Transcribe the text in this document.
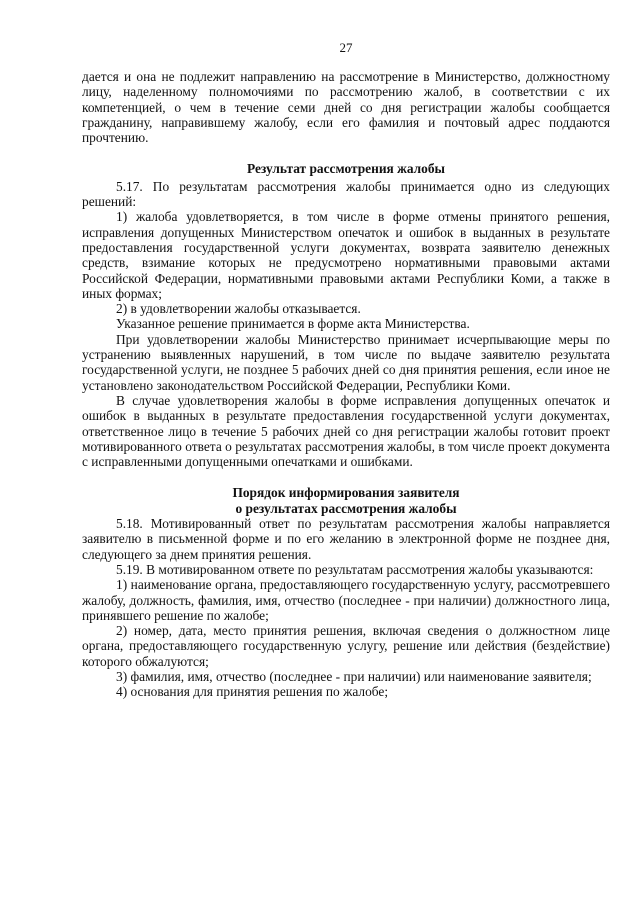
27

дается и она не подлежит направлению на рассмотрение в Министерство, должностному лицу, наделенному полномочиями по рассмотрению жалоб, в соответствии с их компетенцией, о чем в течение семи дней со дня регистрации жалобы сообщается гражданину, направившему жалобу, если его фамилия и почтовый адрес поддаются прочтению.

Результат рассмотрения жалобы

5.17. По результатам рассмотрения жалобы принимается одно из следующих решений:

1) жалоба удовлетворяется, в том числе в форме отмены принятого решения, исправления допущенных Министерством опечаток и ошибок в выданных в результате предоставления государственной услуги документах, возврата заявителю денежных средств, взимание которых не предусмотрено нормативными правовыми актами Российской Федерации, нормативными правовыми актами Республики Коми, а также в иных формах;

2) в удовлетворении жалобы отказывается.

Указанное решение принимается в форме акта Министерства.

При удовлетворении жалобы Министерство принимает исчерпывающие меры по устранению выявленных нарушений, в том числе по выдаче заявителю результата государственной услуги, не позднее 5 рабочих дней со дня принятия решения, если иное не установлено законодательством Российской Федерации, Республики Коми.

В случае удовлетворения жалобы в форме исправления допущенных опечаток и ошибок в выданных в результате предоставления государственной услуги документах, ответственное лицо в течение 5 рабочих дней со дня регистрации жалобы готовит проект мотивированного ответа о результатах рассмотрения жалобы, в том числе проект документа с исправленными допущенными опечатками и ошибками.

Порядок информирования заявителя
о результатах рассмотрения жалобы

5.18. Мотивированный ответ по результатам рассмотрения жалобы направляется заявителю в письменной форме и по его желанию в электронной форме не позднее дня, следующего за днем принятия решения.

5.19. В мотивированном ответе по результатам рассмотрения жалобы указываются:

1) наименование органа, предоставляющего государственную услугу, рассмотревшего жалобу, должность, фамилия, имя, отчество (последнее - при наличии) должностного лица, принявшего решение по жалобе;

2) номер, дата, место принятия решения, включая сведения о должностном лице органа, предоставляющего государственную услугу, решение или действия (бездействие) которого обжалуются;

3) фамилия, имя, отчество (последнее - при наличии) или наименование заявителя;

4) основания для принятия решения по жалобе;
